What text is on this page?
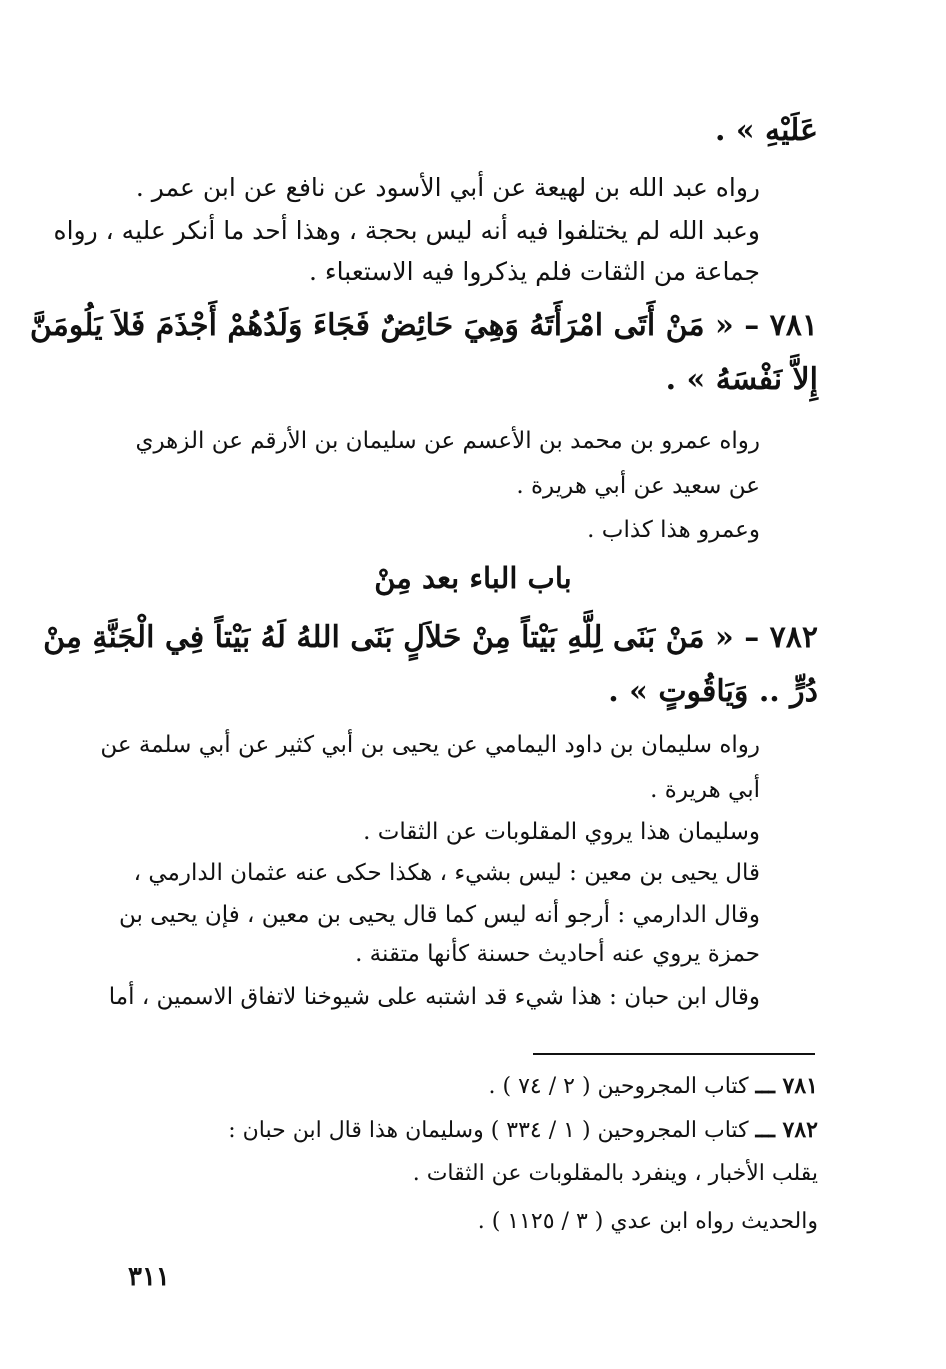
عَلَيْهِ » .
رواه عبد الله بن لهيعة عن أبي الأسود عن نافع عن ابن عمر .
وعبد الله لم يختلفوا فيه أنه ليس بحجة ، وهذا أحد ما أنكر عليه ، رواه
جماعة من الثقات فلم يذكروا فيه الاستعباء .
٧٨١ – « مَنْ أَتَى امْرَأَتَهُ وَهِيَ حَائِضٌ فَجَاءَ وَلَدُهُمْ أَجْذَمَ فَلاَ يَلُومَنَّ
إِلاَّ نَفْسَهُ » .
رواه عمرو بن محمد بن الأعسم عن سليمان بن الأرقم عن الزهري
عن سعيد عن أبي هريرة .
وعمرو هذا كذاب .
باب الباء بعد مِنْ
٧٨٢ – « مَنْ بَنَى لِلَّهِ بَيْتاً مِنْ حَلاَلٍ بَنَى اللهُ لَهُ بَيْتاً فِي الْجَنَّةِ مِنْ
دُرٍّ .. وَيَاقُوتٍ » .
رواه سليمان بن داود اليمامي عن يحيى بن أبي كثير عن أبي سلمة عن
أبي هريرة .
وسليمان هذا يروي المقلوبات عن الثقات .
قال يحيى بن معين : ليس بشيء ، هكذا حكى عنه عثمان الدارمي ،
وقال الدارمي : أرجو أنه ليس كما قال يحيى بن معين ، فإن يحيى بن
حمزة يروي عنه أحاديث حسنة كأنها متقنة .
وقال ابن حبان : هذا شيء قد اشتبه على شيوخنا لاتفاق الاسمين ، أما
٧٨١ ـــ كتاب المجروحين ( ٢ / ٧٤ ) .
٧٨٢ ـــ كتاب المجروحين ( ١ / ٣٣٤ ) وسليمان هذا قال ابن حبان :
يقلب الأخبار ، وينفرد بالمقلوبات عن الثقات .
والحديث رواه ابن عدي ( ٣ / ١١٢٥ ) .
٣١١
